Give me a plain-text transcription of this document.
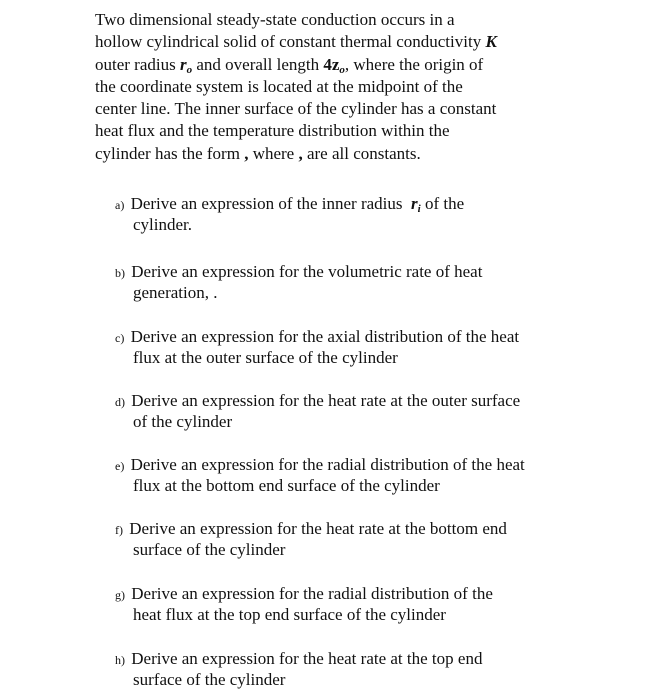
Two dimensional steady-state conduction occurs in a
hollow cylindrical solid of constant thermal conductivity K
outer radius $r_o$ and overall length $4z_o$, where the origin of
the coordinate system is located at the midpoint of the
center line. The inner surface of the cylinder has a constant
heat flux and the temperature distribution within the
cylinder has the form , where , are all constants.
a) Derive an expression of the inner radius $r_i$ of the
cylinder.
b) Derive an expression for the volumetric rate of heat
generation, .
c) Derive an expression for the axial distribution of the heat
flux at the outer surface of the cylinder
d) Derive an expression for the heat rate at the outer surface
of the cylinder
e) Derive an expression for the radial distribution of the heat
flux at the bottom end surface of the cylinder
f) Derive an expression for the heat rate at the bottom end
surface of the cylinder
g) Derive an expression for the radial distribution of the
heat flux at the top end surface of the cylinder
h) Derive an expression for the heat rate at the top end
surface of the cylinder
